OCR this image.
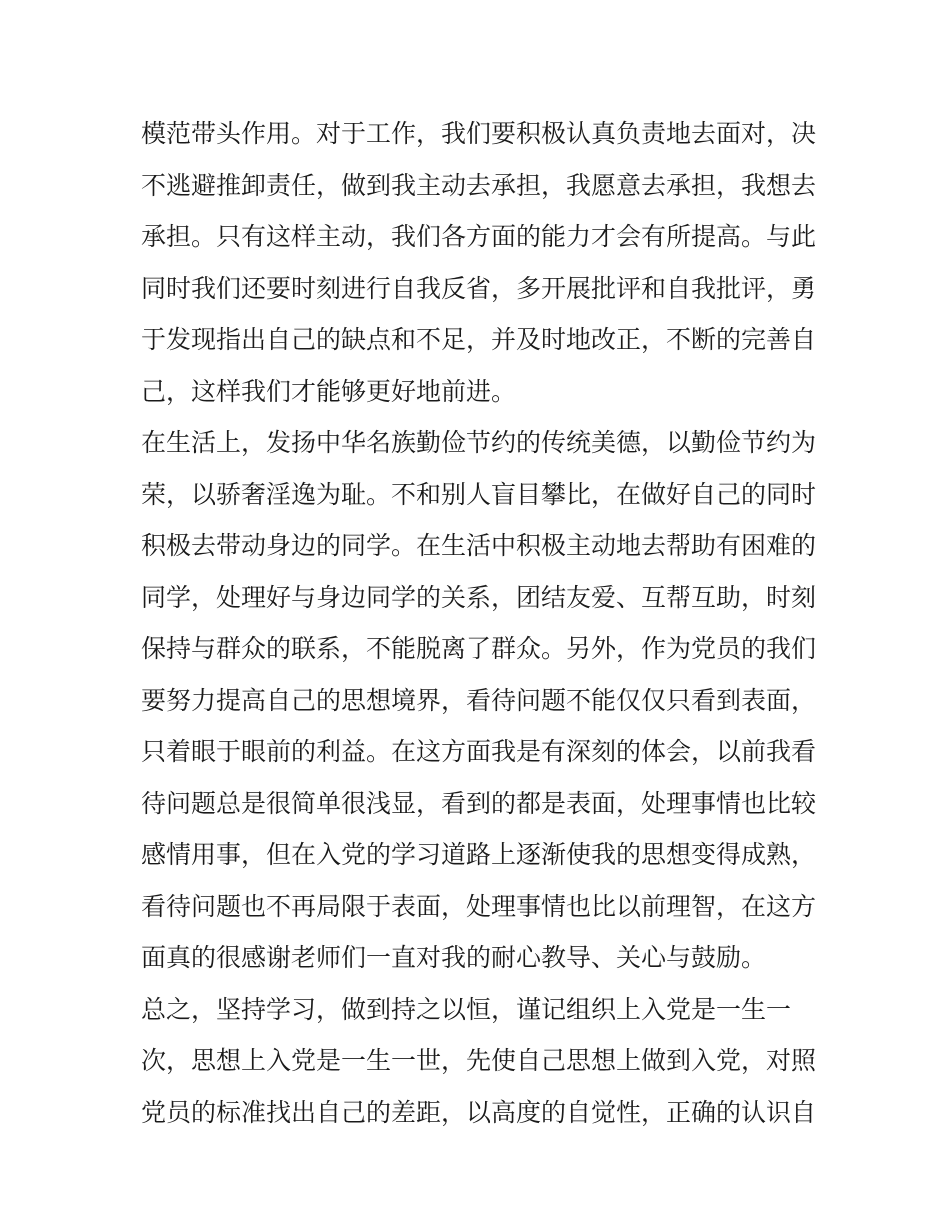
模范带头作用。对于工作，我们要积极认真负责地去面对，决
不逃避推卸责任，做到我主动去承担，我愿意去承担，我想去
承担。只有这样主动，我们各方面的能力才会有所提高。与此
同时我们还要时刻进行自我反省，多开展批评和自我批评，勇
于发现指出自己的缺点和不足，并及时地改正，不断的完善自
己，这样我们才能够更好地前进。
在生活上，发扬中华名族勤俭节约的传统美德，以勤俭节约为
荣，以骄奢淫逸为耻。不和别人盲目攀比，在做好自己的同时
积极去带动身边的同学。在生活中积极主动地去帮助有困难的
同学，处理好与身边同学的关系，团结友爱、互帮互助，时刻
保持与群众的联系，不能脱离了群众。另外，作为党员的我们
要努力提高自己的思想境界，看待问题不能仅仅只看到表面，
只着眼于眼前的利益。在这方面我是有深刻的体会，以前我看
待问题总是很简单很浅显，看到的都是表面，处理事情也比较
感情用事，但在入党的学习道路上逐渐使我的思想变得成熟，
看待问题也不再局限于表面，处理事情也比以前理智，在这方
面真的很感谢老师们一直对我的耐心教导、关心与鼓励。
总之，坚持学习，做到持之以恒，谨记组织上入党是一生一
次，思想上入党是一生一世，先使自己思想上做到入党，对照
党员的标准找出自己的差距，以高度的自觉性，正确的认识自
